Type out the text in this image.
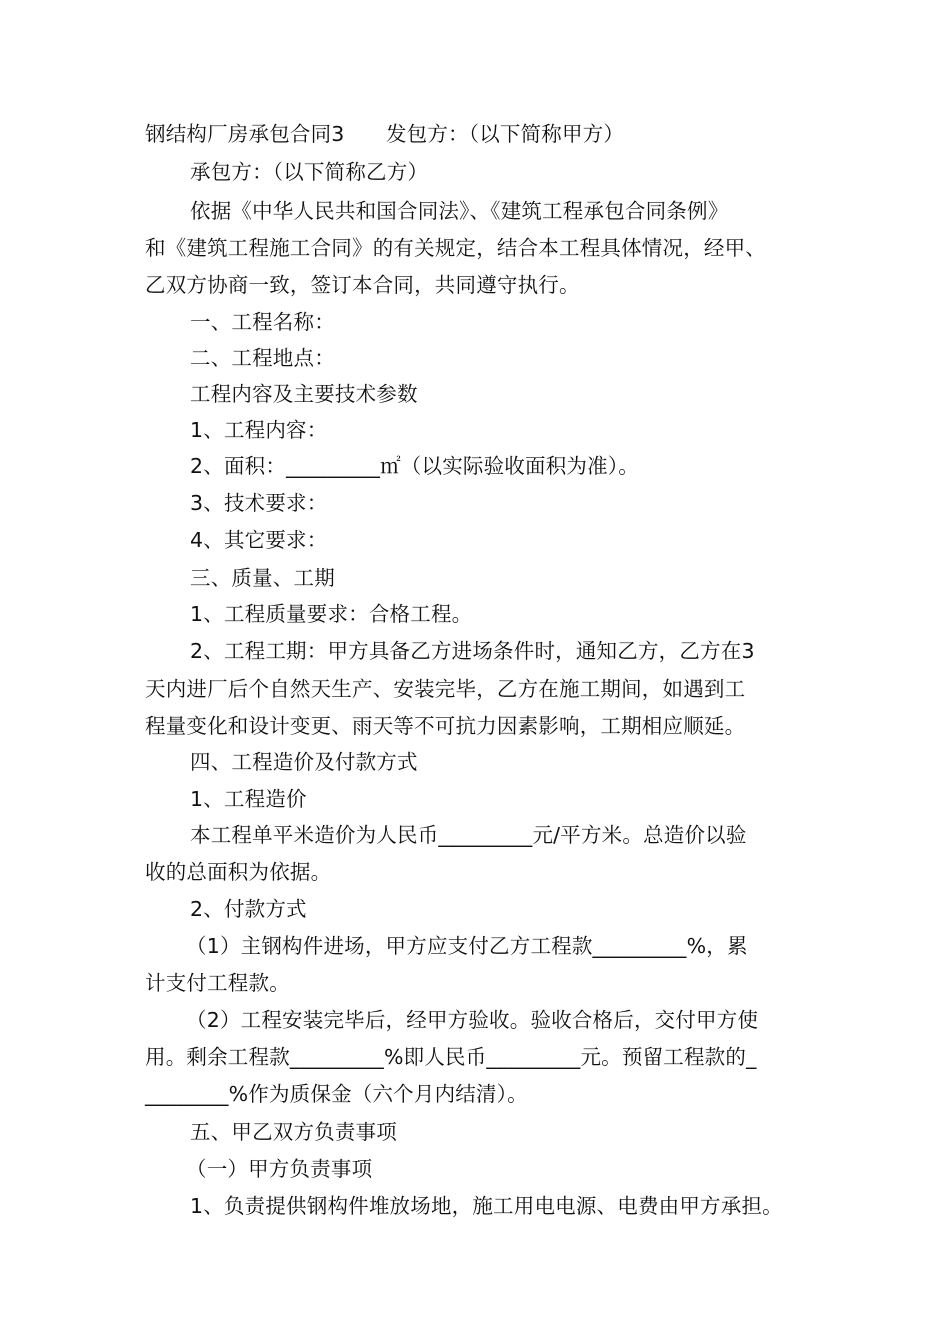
钢结构厂房承包合同3　　发包方：（以下简称甲方）

承包方：（以下简称乙方）

依据《中华人民共和国合同法》、《建筑工程承包合同条例》

和《建筑工程施工合同》的有关规定，结合本工程具体情况，经甲、

乙双方协商一致，签订本合同，共同遵守执行。

一、工程名称：

二、工程地点：

工程内容及主要技术参数

1、工程内容：

2、面积：_________㎡（以实际验收面积为准）。

3、技术要求：

4、其它要求：

三、质量、工期

1、工程质量要求：合格工程。

2、工程工期：甲方具备乙方进场条件时，通知乙方，乙方在3

天内进厂后个自然天生产、安装完毕，乙方在施工期间，如遇到工

程量变化和设计变更、雨天等不可抗力因素影响，工期相应顺延。

四、工程造价及付款方式

1、工程造价

本工程单平米造价为人民币_________元/平方米。总造价以验

收的总面积为依据。

2、付款方式

（1）主钢构件进场，甲方应支付乙方工程款_________%，累

计支付工程款。

（2）工程安装完毕后，经甲方验收。验收合格后，交付甲方使

用。剩余工程款_________%即人民币_________元。预留工程款的_

________%作为质保金（六个月内结清）。

五、甲乙双方负责事项

（一）甲方负责事项

1、负责提供钢构件堆放场地，施工用电电源、电费由甲方承担。
